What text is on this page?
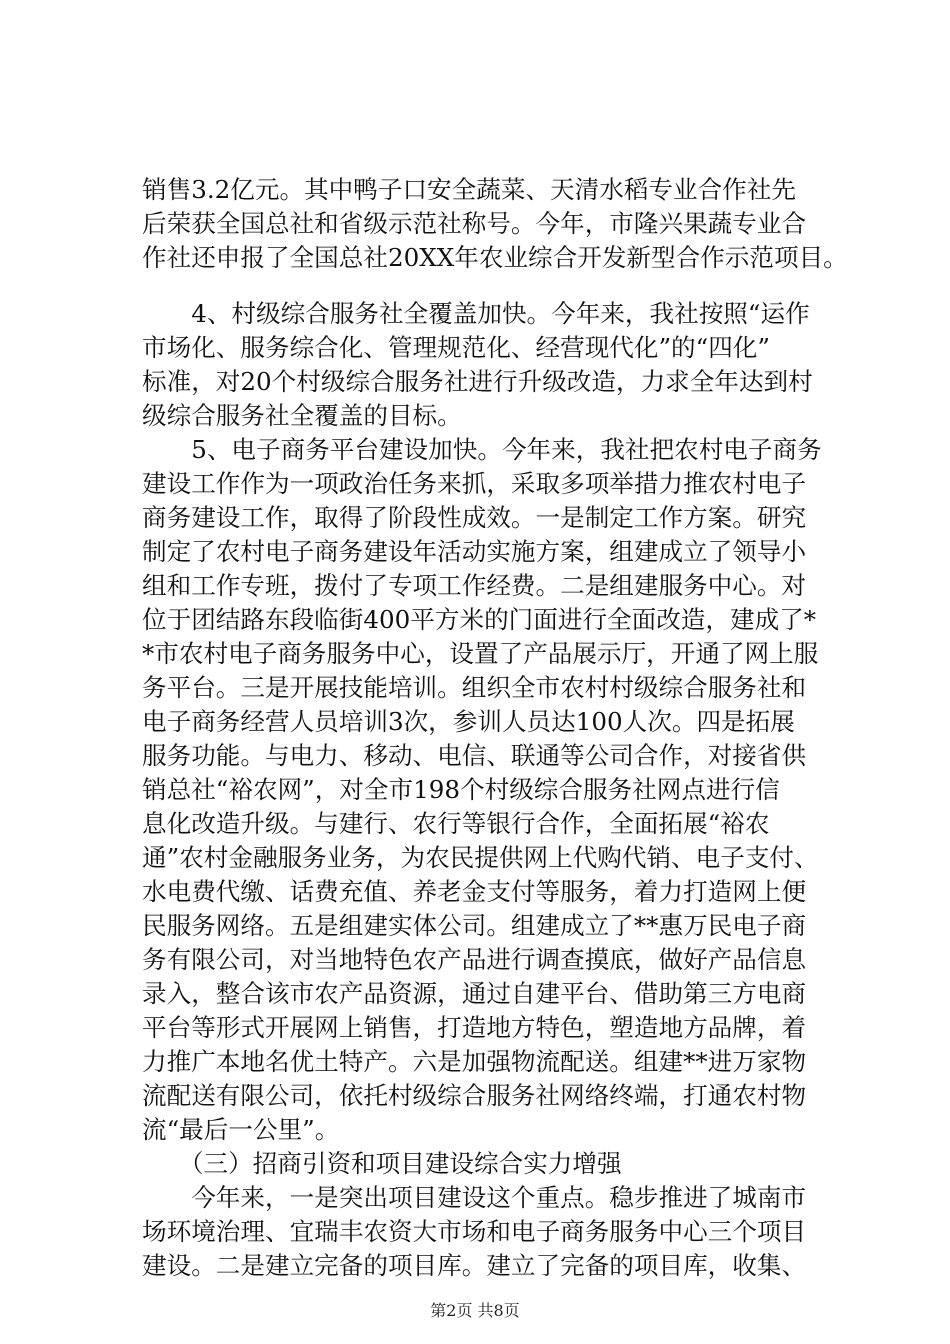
销售3.2亿元。其中鸭子口安全蔬菜、天清水稻专业合作社先
后荣获全国总社和省级示范社称号。今年，市隆兴果蔬专业合
作社还申报了全国总社20XX年农业综合开发新型合作示范项目。
　　4、村级综合服务社全覆盖加快。今年来，我社按照“运作
市场化、服务综合化、管理规范化、经营现代化”的“四化”
标准，对20个村级综合服务社进行升级改造，力求全年达到村
级综合服务社全覆盖的目标。
　　5、电子商务平台建设加快。今年来，我社把农村电子商务
建设工作作为一项政治任务来抓，采取多项举措力推农村电子
商务建设工作，取得了阶段性成效。一是制定工作方案。研究
制定了农村电子商务建设年活动实施方案，组建成立了领导小
组和工作专班，拨付了专项工作经费。二是组建服务中心。对
位于团结路东段临街400平方米的门面进行全面改造，建成了*
*市农村电子商务服务中心，设置了产品展示厅，开通了网上服
务平台。三是开展技能培训。组织全市农村村级综合服务社和
电子商务经营人员培训3次，参训人员达100人次。四是拓展
服务功能。与电力、移动、电信、联通等公司合作，对接省供
销总社“裕农网”，对全市198个村级综合服务社网点进行信
息化改造升级。与建行、农行等银行合作，全面拓展“裕农
通”农村金融服务业务，为农民提供网上代购代销、电子支付、
水电费代缴、话费充值、养老金支付等服务，着力打造网上便
民服务网络。五是组建实体公司。组建成立了**惠万民电子商
务有限公司，对当地特色农产品进行调查摸底，做好产品信息
录入，整合该市农产品资源，通过自建平台、借助第三方电商
平台等形式开展网上销售，打造地方特色，塑造地方品牌，着
力推广本地名优土特产。六是加强物流配送。组建**进万家物
流配送有限公司，依托村级综合服务社网络终端，打通农村物
流“最后一公里”。
　　（三）招商引资和项目建设综合实力增强
　　今年来，一是突出项目建设这个重点。稳步推进了城南市
场环境治理、宜瑞丰农资大市场和电子商务服务中心三个项目
建设。二是建立完备的项目库。建立了完备的项目库，收集、
第2页 共8页
